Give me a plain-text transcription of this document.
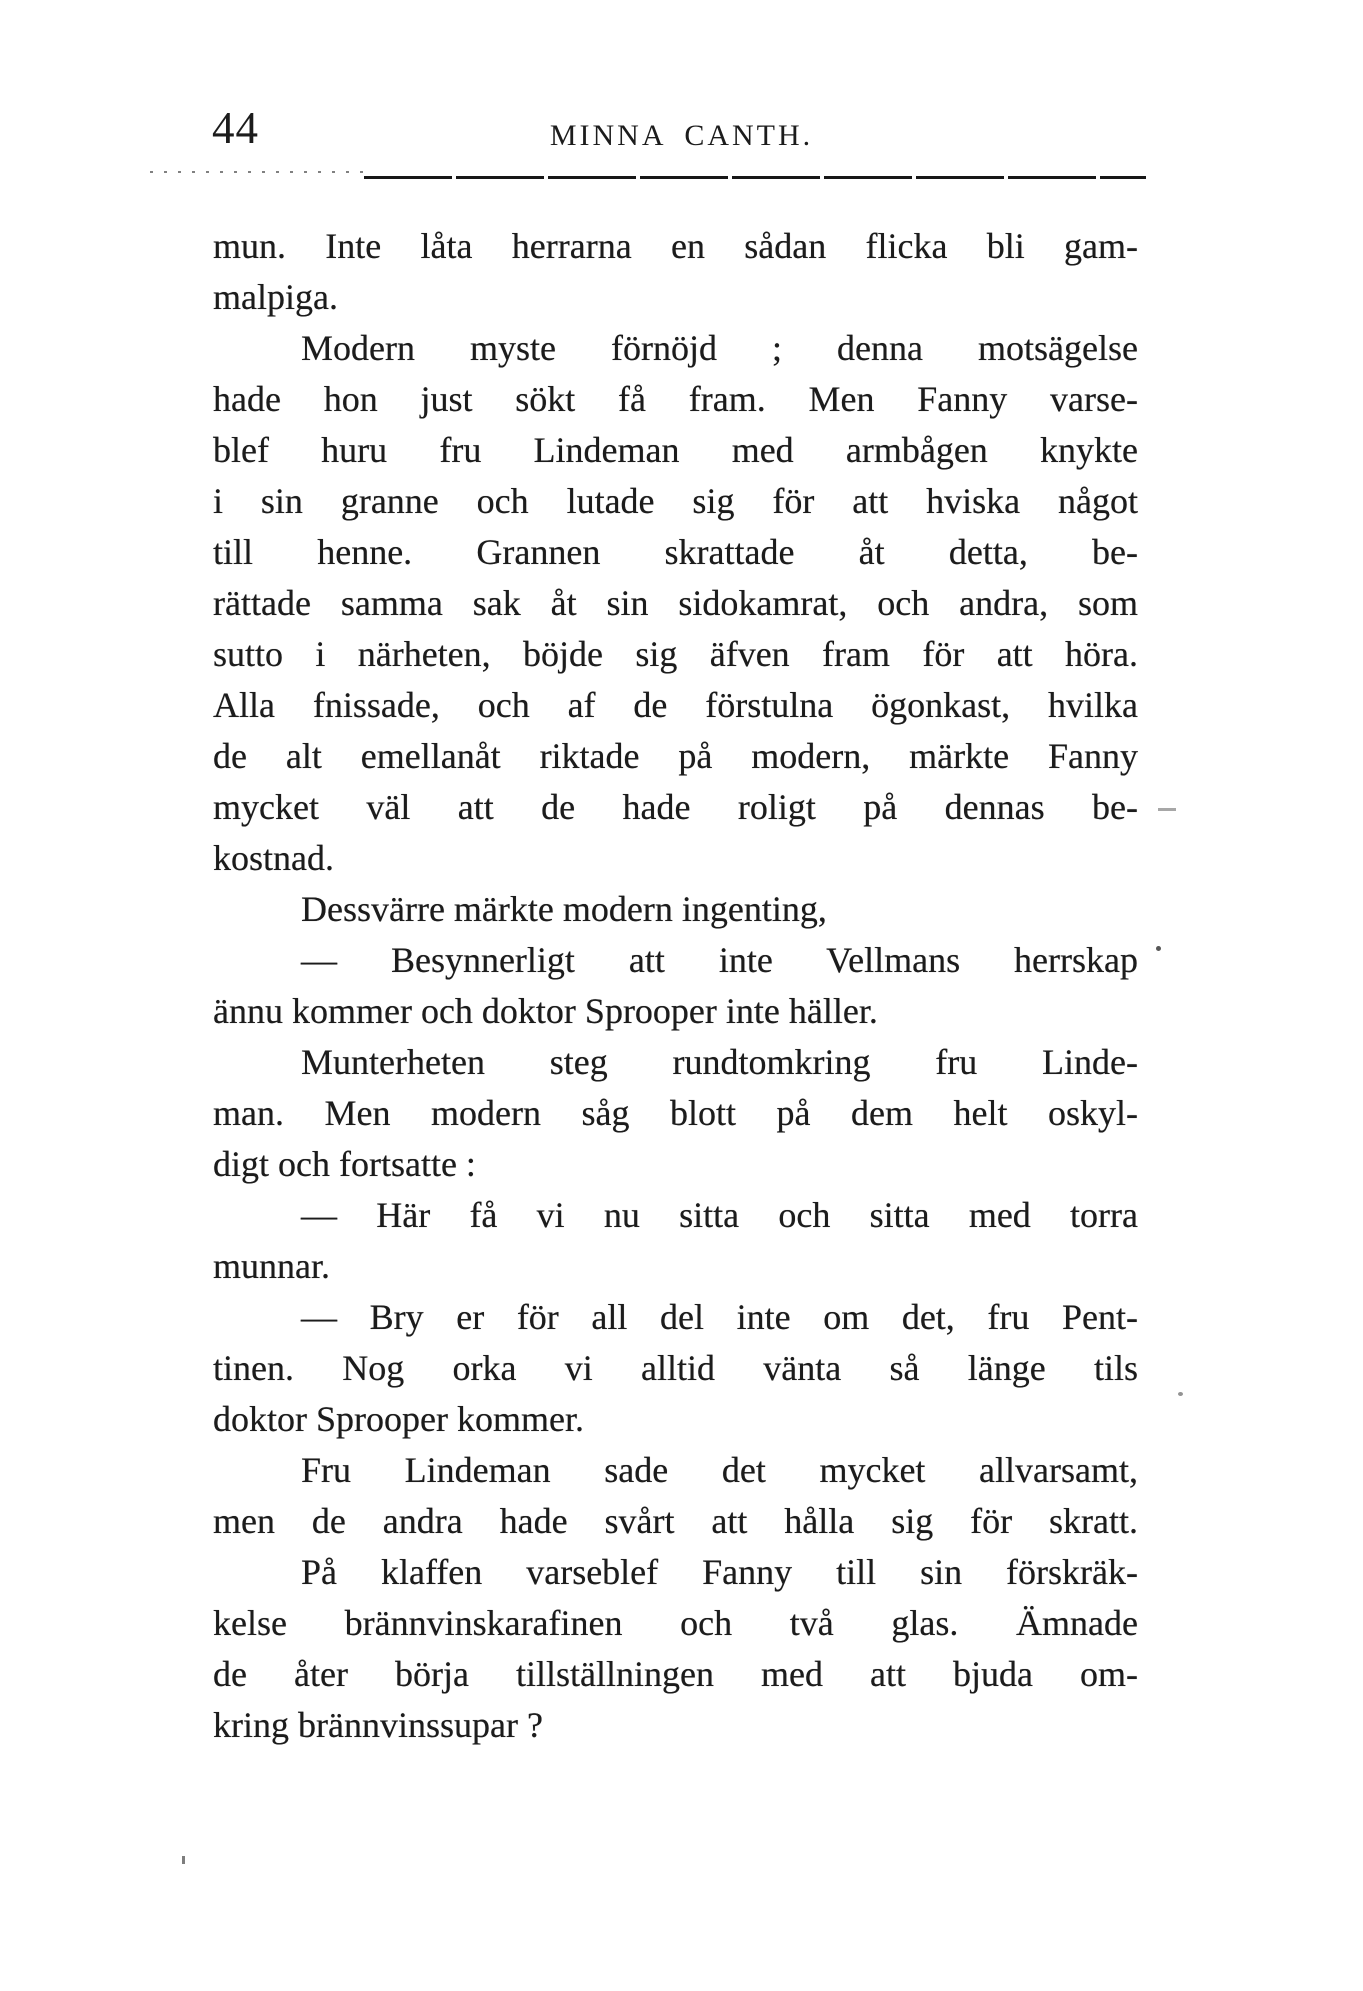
44	MINNA CANTH.
mun. Inte låta herrarna en sådan flicka bli gam-
malpiga.
Modern myste förnöjd ; denna motsägelse
hade hon just sökt få fram. Men Fanny varse-
blef huru fru Lindeman med armbågen knykte
i sin granne och lutade sig för att hviska något
till henne. Grannen skrattade åt detta, be-
rättade samma sak åt sin sidokamrat, och andra, som
sutto i närheten, böjde sig äfven fram för att höra.
Alla fnissade, och af de förstulna ögonkast, hvilka
de alt emellanåt riktade på modern, märkte Fanny
mycket väl att de hade roligt på dennas be-
kostnad.
Dessvärre märkte modern ingenting,
— Besynnerligt att inte Vellmans herrskap
ännu kommer och doktor Sprooper inte häller.
Munterheten steg rundtomkring fru Linde-
man. Men modern såg blott på dem helt oskyl-
digt och fortsatte :
— Här få vi nu sitta och sitta med torra
munnar.
— Bry er för all del inte om det, fru Pent-
tinen. Nog orka vi alltid vänta så länge tils
doktor Sprooper kommer.
Fru Lindeman sade det mycket allvarsamt,
men de andra hade svårt att hålla sig för skratt.
På klaffen varseblef Fanny till sin förskräk-
kelse brännvinskarafinen och två glas. Ämnade
de åter börja tillställningen med att bjuda om-
kring brännvinssupar ?
